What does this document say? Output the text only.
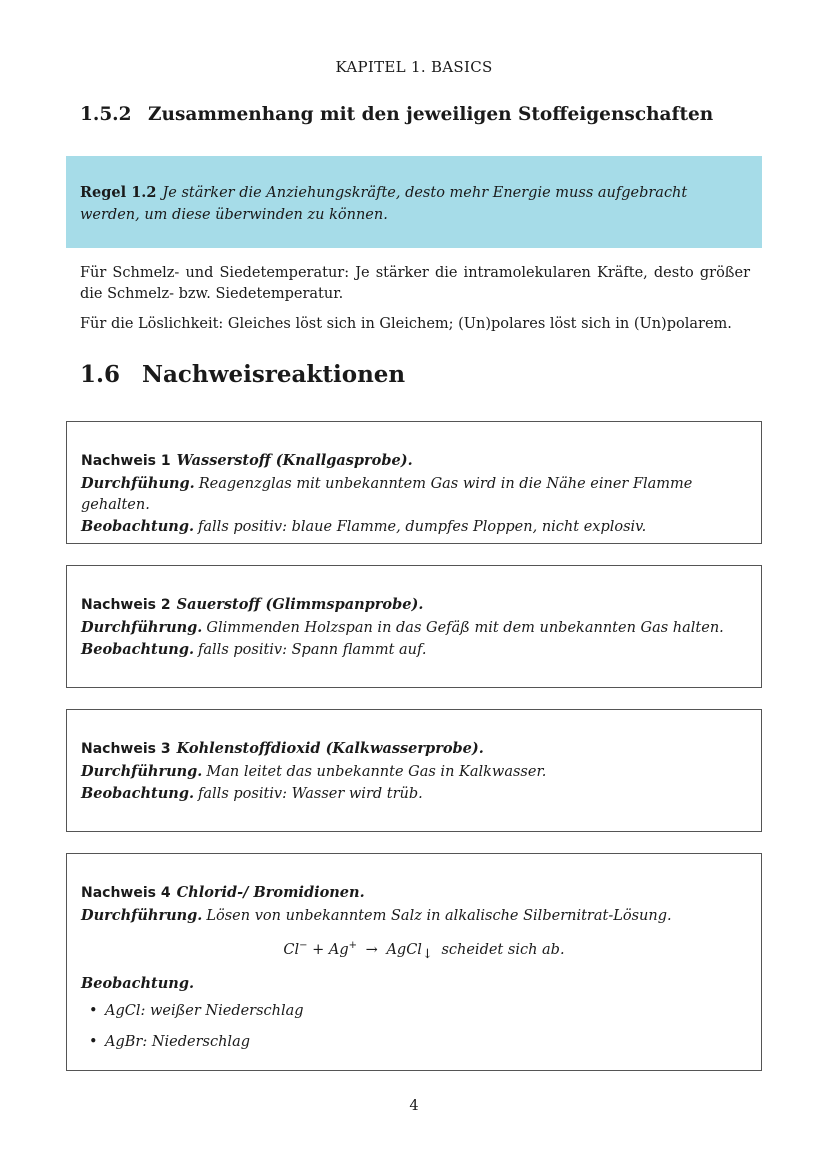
KAPITEL 1. BASICS
1.5.2 Zusammenhang mit den jeweiligen Stoffeigenschaften
Regel 1.2 Je stärker die Anziehungskräfte, desto mehr Energie muss aufgebracht werden, um diese überwinden zu können.
Für Schmelz- und Siedetemperatur: Je stärker die intramolekularen Kräfte, desto größer die Schmelz- bzw. Siedetemperatur.
Für die Löslichkeit: Gleiches löst sich in Gleichem; (Un)polares löst sich in (Un)polarem.
1.6 Nachweisreaktionen
Nachweis 1 Wasserstoff (Knallgasprobe).
Durchfühung. Reagenzglas mit unbekanntem Gas wird in die Nähe einer Flamme gehalten.
Beobachtung. falls positiv: blaue Flamme, dumpfes Ploppen, nicht explosiv.
Nachweis 2 Sauerstoff (Glimmspanprobe).
Durchführung. Glimmenden Holzspan in das Gefäß mit dem unbekannten Gas halten.
Beobachtung. falls positiv: Spann flammt auf.
Nachweis 3 Kohlenstoffdioxid (Kalkwasserprobe).
Durchführung. Man leitet das unbekannte Gas in Kalkwasser.
Beobachtung. falls positiv: Wasser wird trüb.
Nachweis 4 Chlorid-/ Bromidionen.
Durchführung. Lösen von unbekanntem Salz in alkalische Silbernitrat-Lösung.
Cl− + Ag+ → AgCl↓ scheidet sich ab.
Beobachtung.
• AgCl: weißer Niederschlag
• AgBr: Niederschlag
4
